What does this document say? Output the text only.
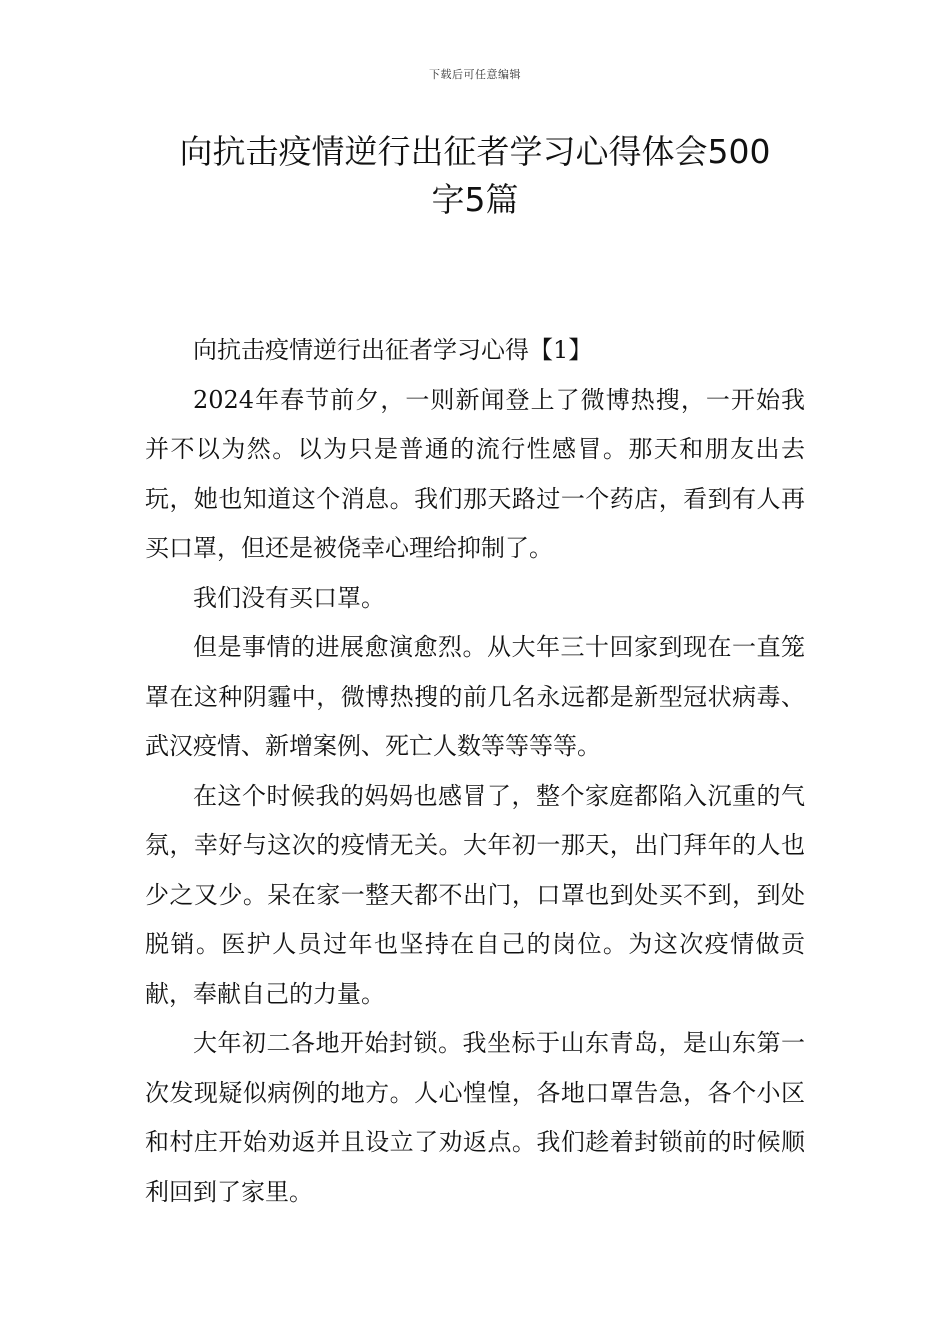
下载后可任意编辑
向抗击疫情逆行出征者学习心得体会500
字5篇

向抗击疫情逆行出征者学习心得【1】

2024年春节前夕，一则新闻登上了微博热搜，一开始我并不以为然。以为只是普通的流行性感冒。那天和朋友出去玩，她也知道这个消息。我们那天路过一个药店，看到有人再买口罩，但还是被侥幸心理给抑制了。

我们没有买口罩。

但是事情的进展愈演愈烈。从大年三十回家到现在一直笼罩在这种阴霾中，微博热搜的前几名永远都是新型冠状病毒、武汉疫情、新增案例、死亡人数等等等等。

在这个时候我的妈妈也感冒了，整个家庭都陷入沉重的气氛，幸好与这次的疫情无关。大年初一那天，出门拜年的人也少之又少。呆在家一整天都不出门，口罩也到处买不到，到处脱销。医护人员过年也坚持在自己的岗位。为这次疫情做贡献，奉献自己的力量。

大年初二各地开始封锁。我坐标于山东青岛，是山东第一次发现疑似病例的地方。人心惶惶，各地口罩告急，各个小区和村庄开始劝返并且设立了劝返点。我们趁着封锁前的时候顺利回到了家里。
